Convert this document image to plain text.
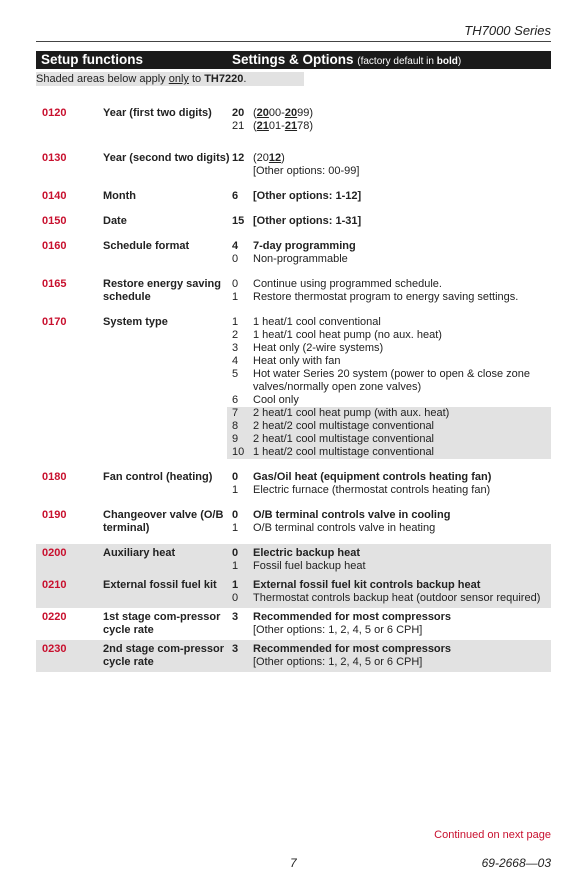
TH7000 Series
Setup functions	Settings & Options (factory default in bold)
Shaded areas below apply only to TH7220.
0120	Year (first two digits)	20 (2000-2099)
21 (2101-2178)
0130	Year (second two digits) 12 (2012)
[Other options: 00-99]
0140	Month	6	[Other options: 1-12]
0150	Date	15 [Other options: 1-31]
0160	Schedule format	4	7-day programming
0	Non-programmable
0165	Restore energy saving schedule
0	Continue using programmed schedule.
1	Restore thermostat program to energy saving settings.
0170	System type	1	1 heat/1 cool conventional
2	1 heat/1 cool heat pump (no aux. heat)
3	Heat only (2-wire systems)
4	Heat only with fan
5	Hot water Series 20 system (power to open & close zone valves/normally open zone valves)
6	Cool only
7	2 heat/1 cool heat pump (with aux. heat)
8	2 heat/2 cool multistage conventional
9	2 heat/1 cool multistage conventional
10 1 heat/2 cool multistage conventional
0180	Fan control (heating)	0	Gas/Oil heat (equipment controls heating fan)
1	Electric furnace (thermostat controls heating fan)
0190	Changeover valve (O/B terminal)
0	O/B terminal controls valve in cooling
1	O/B terminal controls valve in heating
0200	Auxiliary heat	0	Electric backup heat
1	Fossil fuel backup heat
0210	External fossil fuel kit	1	External fossil fuel kit controls backup heat
0	Thermostat controls backup heat (outdoor sensor required)
0220	1st stage com-pressor cycle rate
3	Recommended for most compressors
[Other options: 1, 2, 4, 5 or 6 CPH]
0230	2nd stage com-pressor cycle rate
3	Recommended for most compressors
[Other options: 1, 2, 4, 5 or 6 CPH]
Continued on next page
7	69-2668—03
